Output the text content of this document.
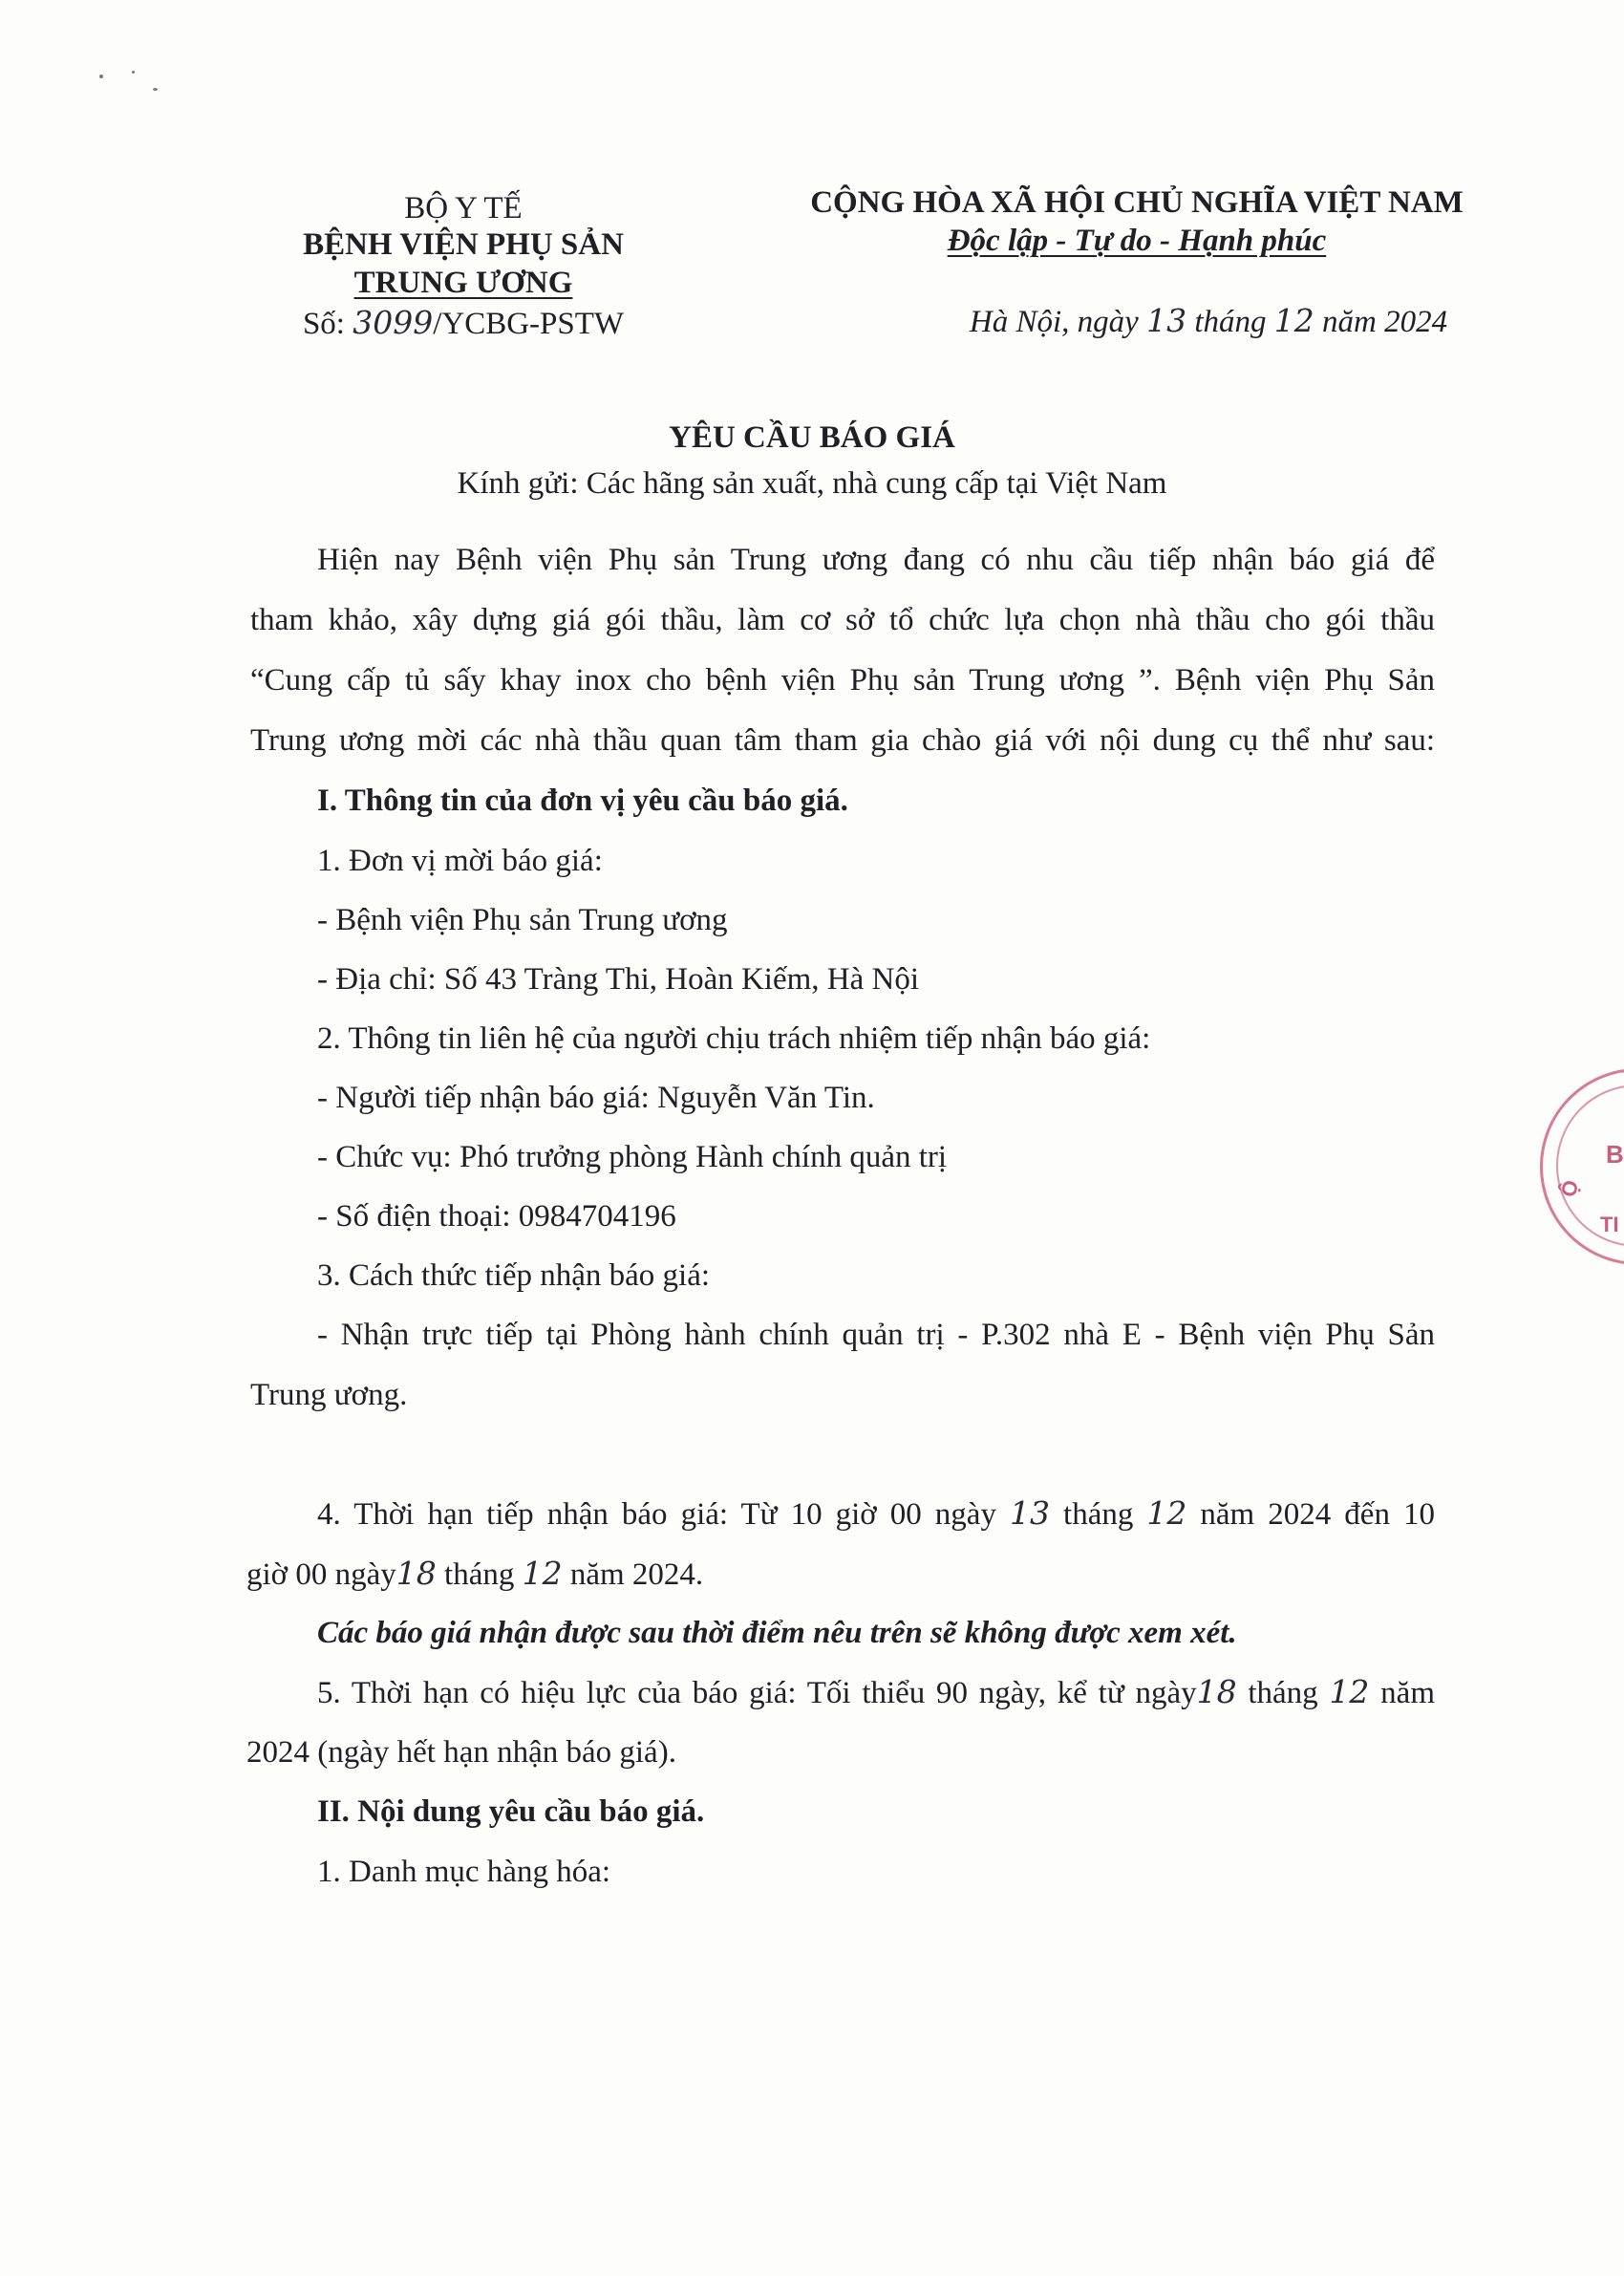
BỘ Y TẾ
BỆNH VIỆN PHỤ SẢN
TRUNG ƯƠNG
Số: 3099/YCBG-PSTW
CỘNG HÒA XÃ HỘI CHỦ NGHĨA VIỆT NAM
Độc lập - Tự do - Hạnh phúc
Hà Nội, ngày 13 tháng 12 năm 2024
YÊU CẦU BÁO GIÁ
Kính gửi: Các hãng sản xuất, nhà cung cấp tại Việt Nam
Hiện nay Bệnh viện Phụ sản Trung ương đang có nhu cầu tiếp nhận báo giá để
tham khảo, xây dựng giá gói thầu, làm cơ sở tổ chức lựa chọn nhà thầu cho gói thầu
“Cung cấp tủ sấy khay inox cho bệnh viện Phụ sản Trung ương ”. Bệnh viện Phụ Sản
Trung ương mời các nhà thầu quan tâm tham gia chào giá với nội dung cụ thể như sau:
I. Thông tin của đơn vị yêu cầu báo giá.
1. Đơn vị mời báo giá:
- Bệnh viện Phụ sản Trung ương
- Địa chỉ: Số 43 Tràng Thi, Hoàn Kiếm, Hà Nội
2. Thông tin liên hệ của người chịu trách nhiệm tiếp nhận báo giá:
- Người tiếp nhận báo giá: Nguyễn Văn Tin.
- Chức vụ: Phó trưởng phòng Hành chính quản trị
- Số điện thoại: 0984704196
3. Cách thức tiếp nhận báo giá:
- Nhận trực tiếp tại Phòng hành chính quản trị - P.302 nhà E - Bệnh viện Phụ Sản
Trung ương.
4. Thời hạn tiếp nhận báo giá: Từ 10 giờ 00 ngày 13 tháng 12 năm 2024 đến 10
giờ 00 ngày18 tháng 12 năm 2024.
Các báo giá nhận được sau thời điểm nêu trên sẽ không được xem xét.
5. Thời hạn có hiệu lực của báo giá: Tối thiểu 90 ngày, kể từ ngày18 tháng 12 năm
2024 (ngày hết hạn nhận báo giá).
II. Nội dung yêu cầu báo giá.
1. Danh mục hàng hóa:
B
TI
Ộ
